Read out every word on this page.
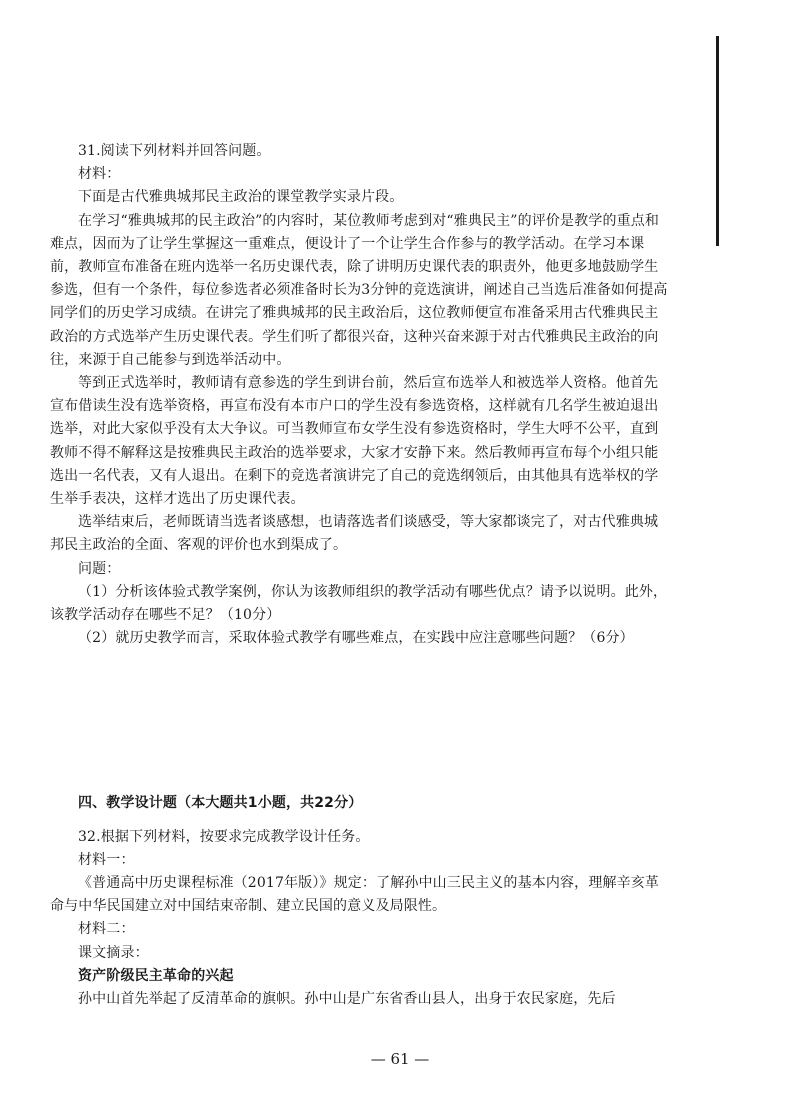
31.阅读下列材料并回答问题。

材料：

下面是古代雅典城邦民主政治的课堂教学实录片段。

在学习“雅典城邦的民主政治”的内容时，某位教师考虑到对“雅典民主”的评价是教学的重点和难点，因而为了让学生掌握这一重难点，便设计了一个让学生合作参与的教学活动。在学习本课前，教师宣布准备在班内选举一名历史课代表，除了讲明历史课代表的职责外，他更多地鼓励学生参选，但有一个条件，每位参选者必须准备时长为3分钟的竞选演讲，阐述自己当选后准备如何提高同学们的历史学习成绩。在讲完了雅典城邦的民主政治后，这位教师便宣布准备采用古代雅典民主政治的方式选举产生历史课代表。学生们听了都很兴奋，这种兴奋来源于对古代雅典民主政治的向往，来源于自己能参与到选举活动中。

等到正式选举时，教师请有意参选的学生到讲台前，然后宣布选举人和被选举人资格。他首先宣布借读生没有选举资格，再宣布没有本市户口的学生没有参选资格，这样就有几名学生被迫退出选举，对此大家似乎没有太大争议。可当教师宣布女学生没有参选资格时，学生大呼不公平，直到教师不得不解释这是按雅典民主政治的选举要求，大家才安静下来。然后教师再宣布每个小组只能选出一名代表，又有人退出。在剩下的竞选者演讲完了自己的竞选纲领后，由其他具有选举权的学生举手表决，这样才选出了历史课代表。

选举结束后，老师既请当选者谈感想，也请落选者们谈感受，等大家都谈完了，对古代雅典城邦民主政治的全面、客观的评价也水到渠成了。

问题：

（1）分析该体验式教学案例，你认为该教师组织的教学活动有哪些优点？请予以说明。此外，该教学活动存在哪些不足？（10分）

（2）就历史教学而言，采取体验式教学有哪些难点，在实践中应注意哪些问题？（6分）

四、教学设计题（本大题共1小题，共22分）

32.根据下列材料，按要求完成教学设计任务。

材料一：

《普通高中历史课程标准（2017年版）》规定：了解孙中山三民主义的基本内容，理解辛亥革命与中华民国建立对中国结束帝制、建立民国的意义及局限性。

材料二：

课文摘录：

资产阶级民主革命的兴起

孙中山首先举起了反清革命的旗帜。孙中山是广东省香山县人，出身于农民家庭，先后

— 61 —
